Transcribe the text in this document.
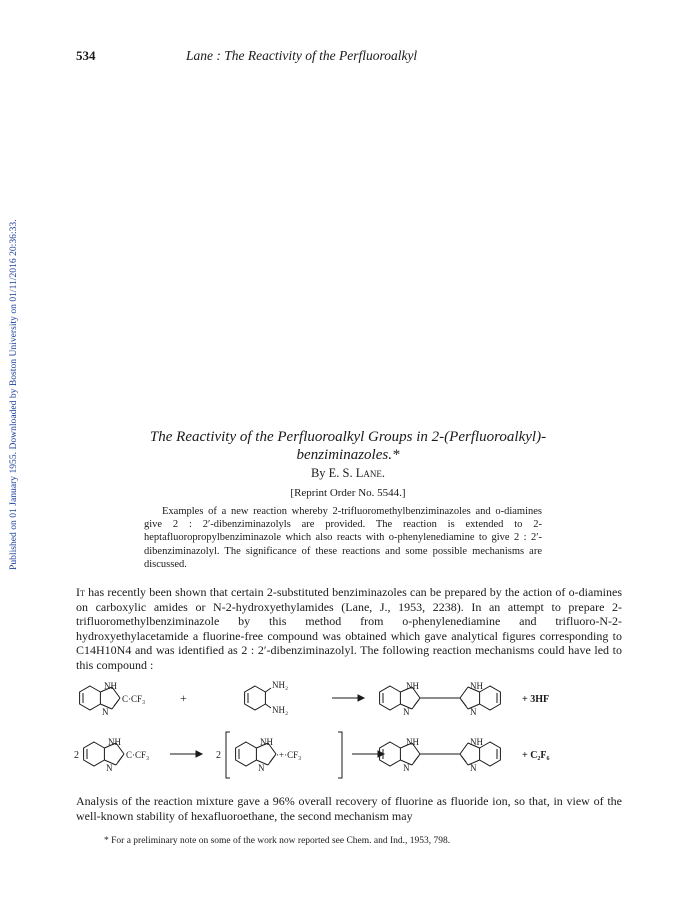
Published on 01 January 1955. Downloaded by Boston University on 01/11/2016 20:36:33.
534	Lane : The Reactivity of the Perfluoroalkyl
The Reactivity of the Perfluoroalkyl Groups in 2-(Perfluoroalkyl)-
benziminazoles.*
By E. S. Lane.
[Reprint Order No. 5544.]

Examples of a new reaction whereby 2-trifluoromethylbenziminazoles and o-diamines give 2 : 2′-dibenziminazolyls are provided. The reaction is extended to 2-heptafluoropropylbenziminazole which also reacts with o-phenylenediamine to give 2 : 2′-dibenziminazolyl. The significance of these reactions and some possible mechanisms are discussed.

It has recently been shown that certain 2-substituted benziminazoles can be prepared by the action of o-diamines on carboxylic amides or N-2-hydroxyethylamides (Lane, J., 1953, 2238). In an attempt to prepare 2-trifluoromethylbenziminazole by this method from o-phenylenediamine and trifluoro-N-2-hydroxyethylacetamide a fluorine-free compound was obtained which gave analytical figures corresponding to C14H10N4 and was identified as 2 : 2′-dibenziminazolyl. The following reaction mechanisms could have led to this compound :

NH
N
C·CF₃	+
NH₂
NH₂
NH	NH
N	N
+ 3HF
2
NH
N
C·CF₃	2
NH
N
·+·CF₃
NH	NH
N	N
+ C₂F₆

Analysis of the reaction mixture gave a 96% overall recovery of fluorine as fluoride ion, so that, in view of the well-known stability of hexafluoroethane, the second mechanism may

* For a preliminary note on some of the work now reported see Chem. and Ind., 1953, 798.
